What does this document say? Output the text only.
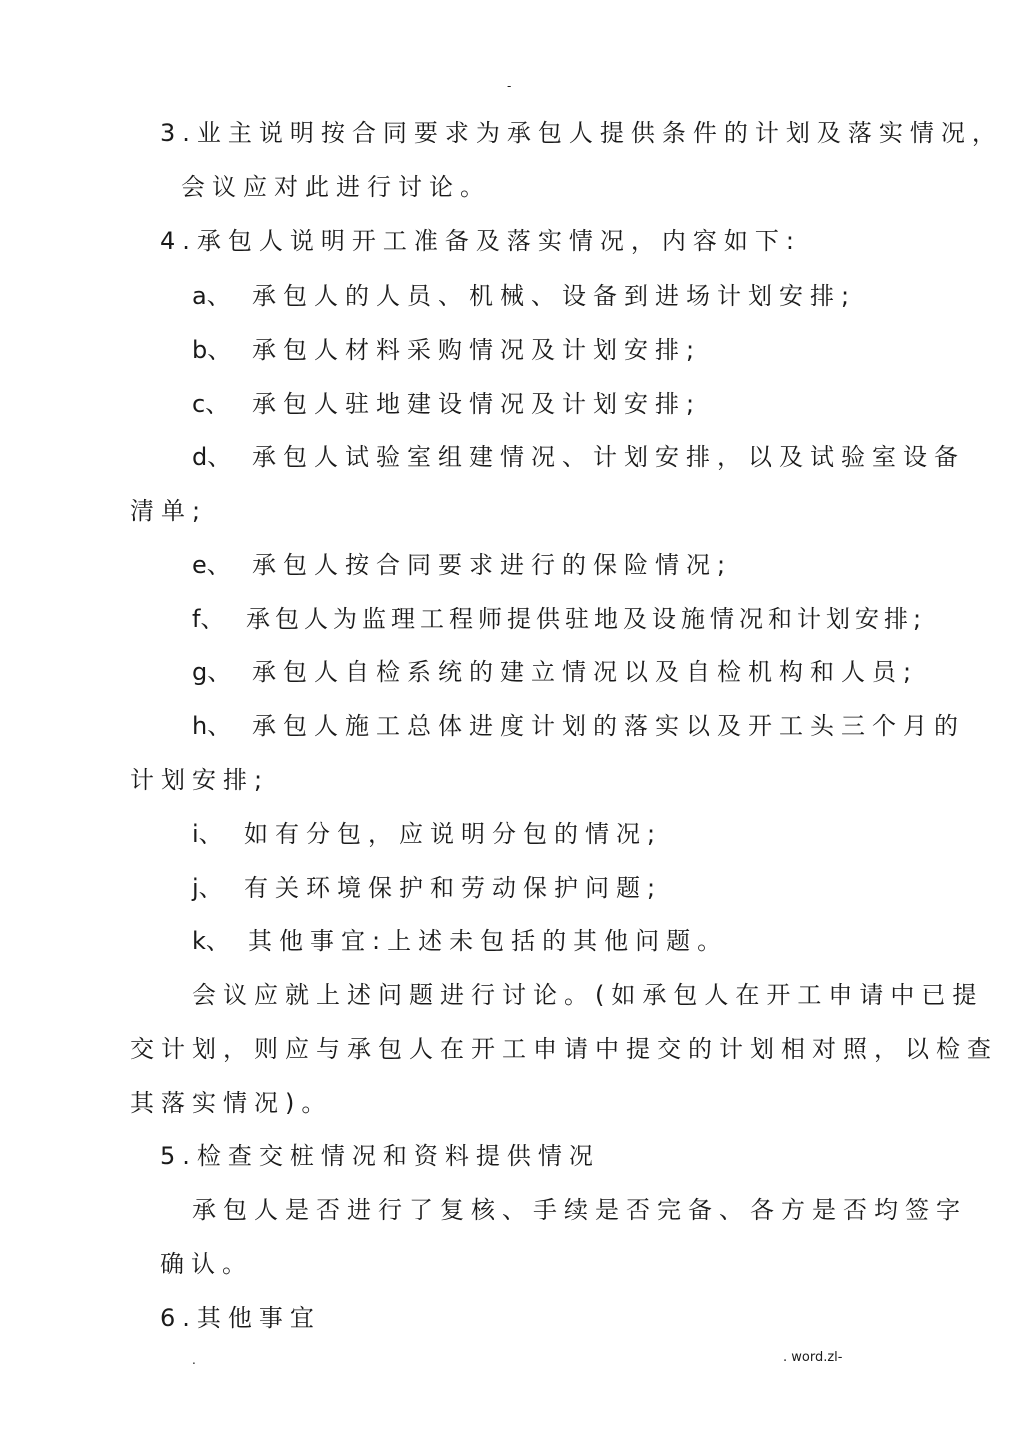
-
3.业主说明按合同要求为承包人提供条件的计划及落实情况，
会议应对此进行讨论。
4.承包人说明开工准备及落实情况，内容如下:
a、 承包人的人员、机械、设备到进场计划安排;
b、 承包人材料采购情况及计划安排;
c、 承包人驻地建设情况及计划安排;
d、 承包人试验室组建情况、计划安排，以及试验室设备
清单;
e、 承包人按合同要求进行的保险情况;
f、 承包人为监理工程师提供驻地及设施情况和计划安排;
g、 承包人自检系统的建立情况以及自检机构和人员;
h、 承包人施工总体进度计划的落实以及开工头三个月的
计划安排;
i、 如有分包，应说明分包的情况;
j、 有关环境保护和劳动保护问题;
k、 其他事宜:上述未包括的其他问题。
会议应就上述问题进行讨论。(如承包人在开工申请中已提
交计划，则应与承包人在开工申请中提交的计划相对照，以检查
其落实情况)。
5.检查交桩情况和资料提供情况
承包人是否进行了复核、手续是否完备、各方是否均签字
确认。
6.其他事宜
.	. word.zl-
